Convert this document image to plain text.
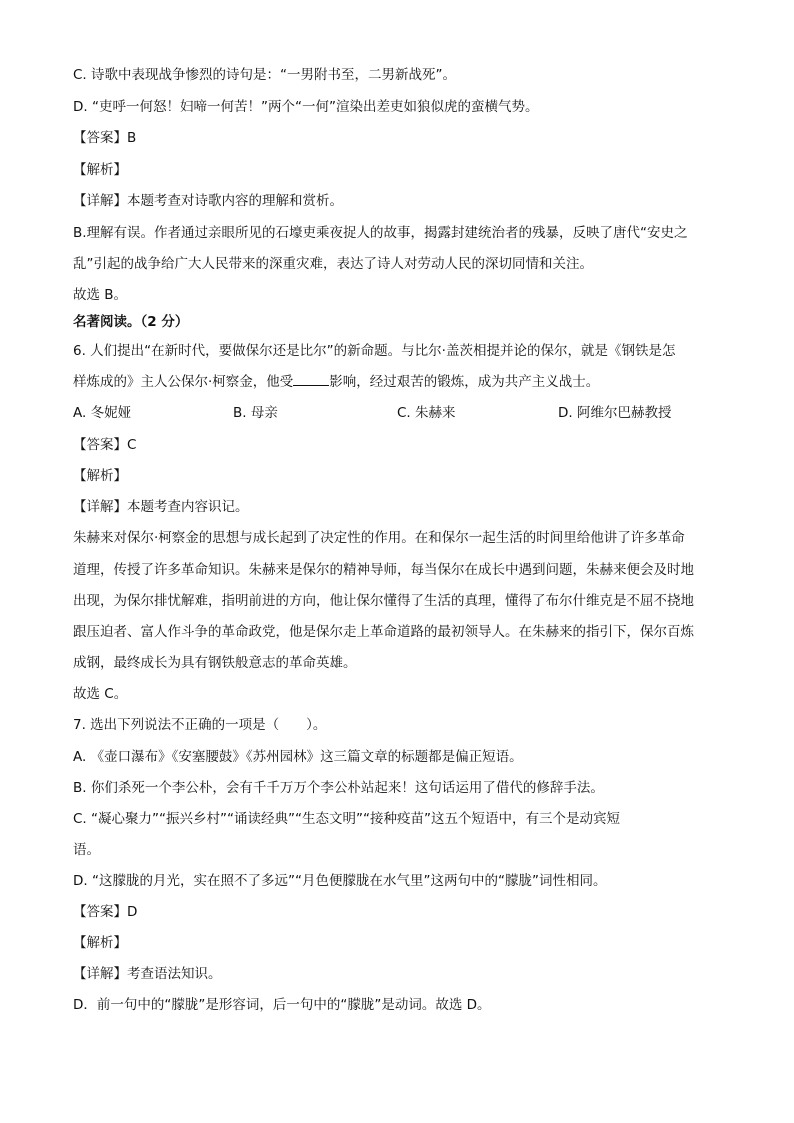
C. 诗歌中表现战争惨烈的诗句是：“一男附书至，二男新战死”。
D. “吏呼一何怒！妇啼一何苦！”两个“一何”渲染出差吏如狼似虎的蛮横气势。
【答案】B
【解析】
【详解】本题考查对诗歌内容的理解和赏析。
B.理解有误。作者通过亲眼所见的石壕吏乘夜捉人的故事，揭露封建统治者的残暴，反映了唐代“安史之
乱”引起的战争给广大人民带来的深重灾难，表达了诗人对劳动人民的深切同情和关注。
故选 B。
名著阅读。（2 分）
6. 人们提出“在新时代，要做保尔还是比尔”的新命题。与比尔·盖茨相提并论的保尔，就是《钢铁是怎
样炼成的》主人公保尔·柯察金，他受	影响，经过艰苦的锻炼，成为共产主义战士。
A. 冬妮娅	B. 母亲	C. 朱赫来	D. 阿维尔巴赫教授
【答案】C
【解析】
【详解】本题考查内容识记。
朱赫来对保尔·柯察金的思想与成长起到了决定性的作用。在和保尔一起生活的时间里给他讲了许多革命
道理，传授了许多革命知识。朱赫来是保尔的精神导师，每当保尔在成长中遇到问题，朱赫来便会及时地
出现，为保尔排忧解难，指明前进的方向，他让保尔懂得了生活的真理，懂得了布尔什维克是不屈不挠地
跟压迫者、富人作斗争的革命政党，他是保尔走上革命道路的最初领导人。在朱赫来的指引下，保尔百炼
成钢，最终成长为具有钢铁般意志的革命英雄。
故选 C。
7. 选出下列说法不正确的一项是（　　）。
A. 《壶口瀑布》《安塞腰鼓》《苏州园林》这三篇文章的标题都是偏正短语。
B. 你们杀死一个李公朴，会有千千万万个李公朴站起来！这句话运用了借代的修辞手法。
C. “凝心聚力”“振兴乡村”“诵读经典”“生态文明”“接种疫苗”这五个短语中，有三个是动宾短
语。
D. “这朦胧的月光，实在照不了多远”“月色便朦胧在水气里”这两句中的“朦胧”词性相同。
【答案】D
【解析】
【详解】考查语法知识。
D．前一句中的“朦胧”是形容词，后一句中的“朦胧”是动词。故选 D。
